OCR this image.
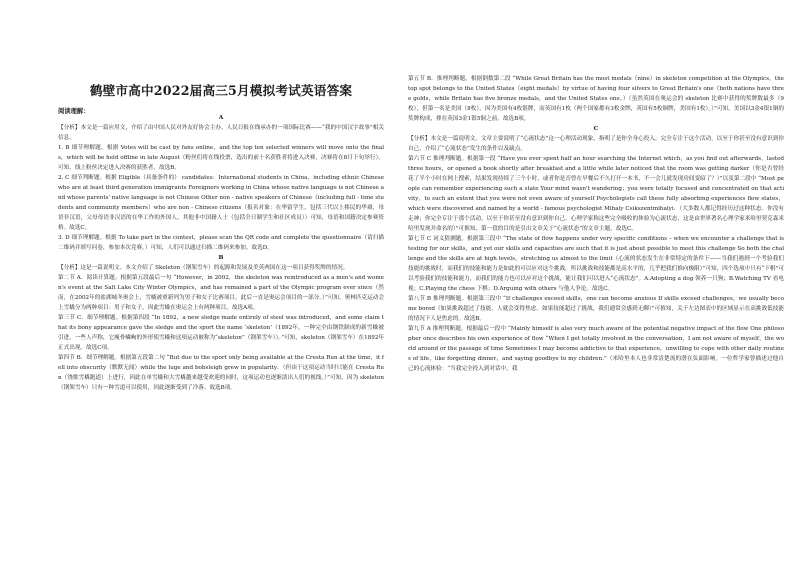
鹤壁市高中2022届高三5月模拟考试英语答案
阅读理解：

A

【分析】本文是一篇应用文，介绍了由中国人民对外友好协会主办、人民日报在线承办的一项国际比赛——“我的中国汉字故事”相关信息。

1. B 细节理解题。根据 Votes will be cast by fans online，and the top ten selected winners will move onto the finals，which will be held offline in late August（粉丝们将在线投票，选出的前十名获胜者将进入决赛，决赛将在8月下旬举行）。可知，线上粉丝决定进入决赛的获胜者。故选B。

2. C 细节判断题。根据 Eligible（具备条件的） candidates：International students in China，including ethnic Chinese who are at least third generation immigrants Foreigners working in China whose native language is not Chinese and whose parents' native language is not Chinese Other non - native speakers of Chinese（including full - time students and community members）who are non - Chinese citizens（报名对象：在华留学生，包括三代以上移民的华裔，母语非汉语，父母母语非汉语的在华工作的外国人，其他非中国籍人士（包括全日制学生和社区成员））可知，母语和国籍决定参赛资格。故选C。

3. D 细节理解题。根据 To take part in the contest，please scan the QR code and complete the questionnaire（请扫描二维码并填写问卷，参加本次竞赛。）可知，人们可以通过扫描二维码来参加。故选D。

B

【分析】这是一篇说明文。本文介绍了 Skeleton（钢架雪车）的起源和发展及美英两国在这一项目获得奖牌的情况。

第二节 A．阅读计算题。根据第五段最后一句 “However，in 2002，the skeleton was reintroduced as a men's and women's event at the Salt Lake City Winter Olympics，and has remained a part of the Olympic program ever since（然而，在2002年的盐湖城冬奥会上，雪橇被重新列为男子和女子比赛项目，此后一直是奥运会项目的一部分。）”可知，奥林匹克运动会上雪橇分为两种项目：男子和女子，因此雪橇在奥运会上有两种项目，故选A项。

第三节 C．细节理解题。根据第四段 “In 1892，a new sledge made entirely of steel was introduced，and some claim that its bony appearance gave the sledge and the sport the name ‘skeleton’（1892年，一种完全由钢铁制成的新雪橇被引进，一些人声称，它瘦骨嶙峋的外形使雪橇和这项运动被称为“skeleton”（钢架雪车））。”可知，skeleton（钢架雪车）在1892年正式出现。故选C项。

第四节 B．细节理解题。根据第五段第二句 “But due to the sport only being available at the Cresta Run at the time，it fell into obscurity（默默无闻）while the luge and bobsleigh grew in popularity．（但由于这项运动当时只能在 Cresta Run（饶歌雪橇跑道）上进行，因此在单雪橇和大雪橇越来越受欢迎的同时，这项运动也逐渐淡出人们的视线。）”可知，因为 skeleton（钢架雪车）只有一种雪道可以使用，因此逐渐受到了冷落。故选B项。

第五节 B．推理判断题。根据倒数第二段 “While Great Britain has the most medals（nine）in skeleton competition at the Olympics，the top spot belongs to the United States（eight medals）by virtue of having four silvers to Great Britain's one（both nations have three golds，while Britain has five bronze medals，and the United States one。）（虽然英国在奥运会的 skeleton 比赛中获得的奖牌数最多（9枚），但第一名是美国（8枚），因为美国有4枚银牌，而英国有1枚（两个国家都有3枚金牌，英国有5枚铜牌，美国有1枚）。）”可知，美国以3金4银1铜的奖牌构成，排在英国3金1银5铜之前。故选B项。

C

【分析】本文是一篇说明文。文章主要说明了“心流状态”这一心理活动现象，指明了是你全身心投入，完全专注于这个活动，以至于你甚至没有意识到你自己，介绍了“心流状态”发生的条件以及缺点。

第六节 C 推理判断题。根据第一段 “Have you ever spent half an hour searching the Internet which，as you find out afterwards，lasted three hours，or opened a book shortly after breakfast and a little while later noticed that the room was getting darker（你是否曾经花了半个小时在网上搜索，结果发现持续了三个小时，或者你是否曾在早餐后不久打开一本书，不一会儿就发现房间变暗了？）”以及第二段中 “Most people can remember experiencing such a state Your mind wasn't wandering；you were totally focused and concentrated on that activity，to such an extent that you were not even aware of yourself Psychologists call these fully absorbing experiences flow states，which were discovered and named by a world - famous psychologist Mihaly Csikszentmihalyi．（大多数人都记得经历过这种状态。你没有走神；你完全专注于那个活动，以至于你甚至没有意识到你自己。心理学家称这些完全吸收的体验为心流状态，这是由世界著名心理学家米哈里契克森米哈里发现并命名的）”可推知，第一段的目的是引出文章关于“心流状态”的文章主题。故选C。

第七节 C 词义猜测题。根据第三段中 “The state of flow happens under very specific conditions – when we encounter a challenge that is testing for our skills，and yet our skills and capacities are such that it is just about possible to meet this challenge So both the challenge and the skills are at high levels，stretching us almost to the limit（心流的状态发生在非常特定的条件下——当我们遇到一个考验我们技能的挑战时，而我们的技能和能力是如此的可以应对这个挑战，所以挑战和技能都是高水平的，几乎把我们推向极限）”可知，四个选项中只有“下棋”可以考验我们的技能和能力，而我们的能力也可以应对这个挑战，能让我们可以进入“心流状态”。A.Adopting a dog 领养一只狗；B.Watching TV 看电视；C.Playing the chess 下棋；D.Arguing with others 与他人争论。故选C。

第八节 B 推理判断题。根据第三段中 “If challenges exceed skills，one can become anxious If skills exceed challenges，we usually become bored（如果挑战超过了技能，人就会变得焦虑。如果技能超过了挑战，我们通常会感到无聊）”可推知，关于左边图表中的区域显示在高挑战低技能的情况下人是焦虑的。故选B。

第九节 A 推理判断题。根据最后一段中 “Mainly himself is also very much aware of the potential negative impact of the flow One philosopher once describes his own experience of flow “When I get totally involved in the conversation，I am not aware of myself，the world around or the passage of time Sometimes I may become addictive to that experience，unwilling to cope with other daily routines of life，like forgetting dinner，and saying goodbye to my children.”（米哈里本人也非常清楚流的潜在负面影响。一位哲学家曾描述过他自己的心流体验：“当我完全投入到对话中，我
